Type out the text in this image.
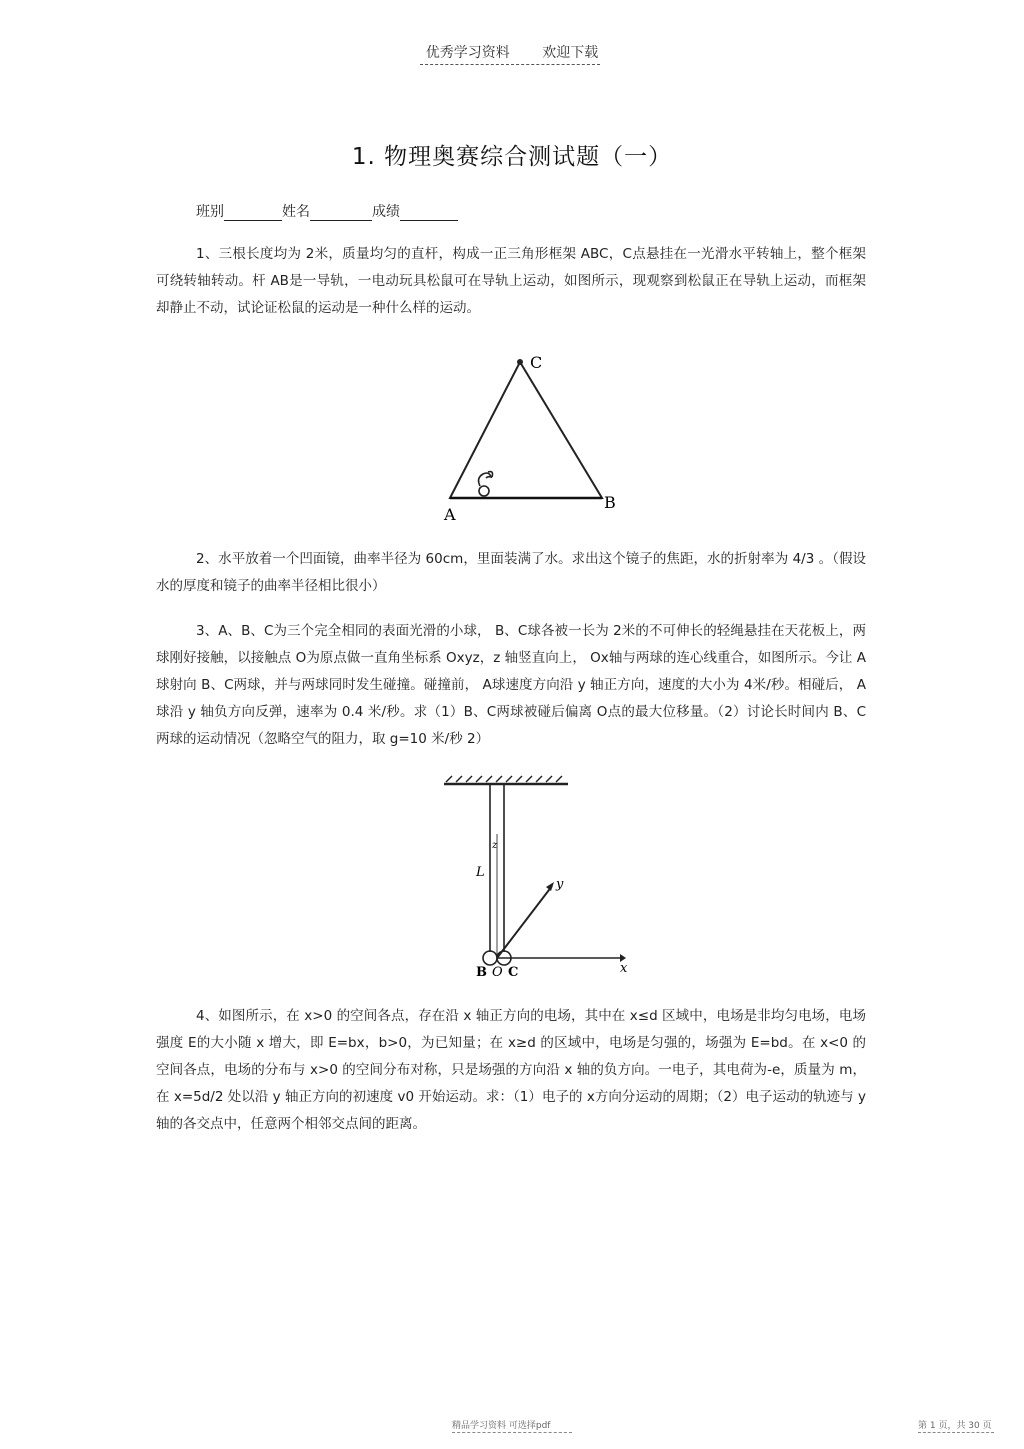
优秀学习资料 欢迎下载
1. 物理奥赛综合测试题（一）
班别	姓名	成绩

1、三根长度均为 2米，质量均匀的直杆，构成一正三角形框架 ABC，C点悬挂在一光滑水平转轴上，整个框架可绕转轴转动。杆 AB是一导轨，一电动玩具松鼠可在导轨上运动，如图所示，现观察到松鼠正在导轨上运动，而框架却静止不动，试论证松鼠的运动是一种什么样的运动。

C
A
B

2、水平放着一个凹面镜，曲率半径为 60cm，里面装满了水。求出这个镜子的焦距，水的折射率为 4/3 。（假设水的厚度和镜子的曲率半径相比很小）

3、A、B、C为三个完全相同的表面光滑的小球， B、C球各被一长为 2米的不可伸长的轻绳悬挂在天花板上，两球刚好接触，以接触点 O为原点做一直角坐标系 Oxyz，z 轴竖直向上， Ox轴与两球的连心线重合，如图所示。今让 A球射向 B、C两球，并与两球同时发生碰撞。碰撞前， A球速度方向沿 y 轴正方向，速度的大小为 4米/秒。相碰后， A球沿 y 轴负方向反弹，速率为 0.4 米/秒。求（1）B、C两球被碰后偏离 O点的最大位移量。（2）讨论长时间内 B、C两球的运动情况（忽略空气的阻力，取 g=10 米/秒 2）

z
L
y
x
B O C

4、如图所示，在 x>0 的空间各点，存在沿 x 轴正方向的电场，其中在 x≤d 区域中，电场是非均匀电场，电场强度 E的大小随 x 增大，即 E=bx，b>0，为已知量；在 x≥d 的区域中，电场是匀强的，场强为 E=bd。在 x<0 的空间各点，电场的分布与 x>0 的空间分布对称，只是场强的方向沿 x 轴的负方向。一电子，其电荷为-e，质量为 m，在 x=5d/2 处以沿 y 轴正方向的初速度 v0 开始运动。求：（1）电子的 x方向分运动的周期；（2）电子运动的轨迹与 y 轴的各交点中，任意两个相邻交点间的距离。

精品学习资料 可选择pdf	第 1 页，共 30 页
